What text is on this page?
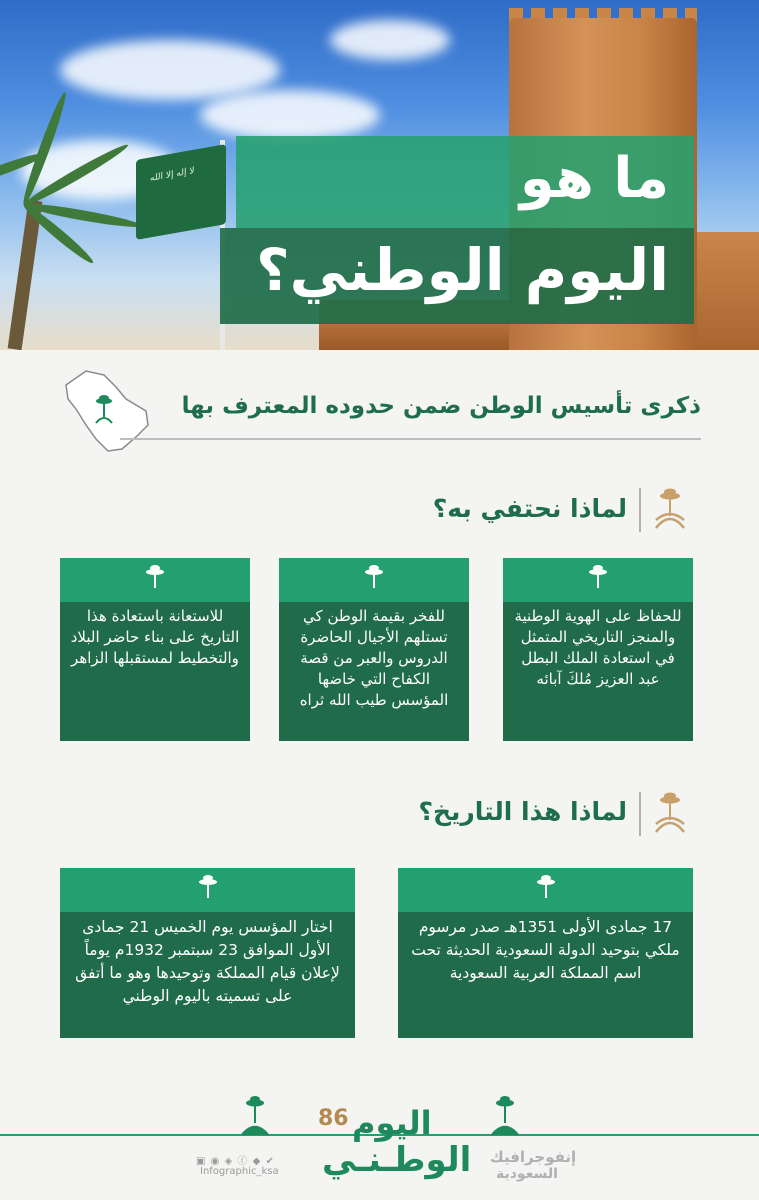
لا إله إلا الله	ما هو
اليوم الوطني؟
ذكرى تأسيس الوطن ضمن حدوده المعترف بها
لماذا نحتفي به؟
للحفاظ على الهوية الوطنية والمنجز التاريخي المتمثل في استعادة الملك البطل عبد العزيز مُلكَ آبائه
للفخر بقيمة الوطن كي تستلهم الأجيال الحاضرة الدروس والعبر من قصة الكفاح التي خاضها المؤسس طيب الله ثراه
للاستعانة باستعادة هذا التاريخ على بناء حاضر البلاد والتخطيط لمستقبلها الزاهر
لماذا هذا التاريخ؟
17 جمادى الأولى 1351هـ صدر مرسوم ملكي بتوحيد الدولة السعودية الحديثة تحت اسم المملكة العربية السعودية
اختار المؤسس يوم الخميس 21 جمادى الأول الموافق 23 سبتمبر 1932م يوماً لإعلان قيام المملكة وتوحيدها وهو ما أتفق على تسميته باليوم الوطني
86 اليوم
الوطـنـي
▣ ◉ ◈ ⓕ ◆ ✔
Infographic_ksa
إنفوجرافيك
السعودية
